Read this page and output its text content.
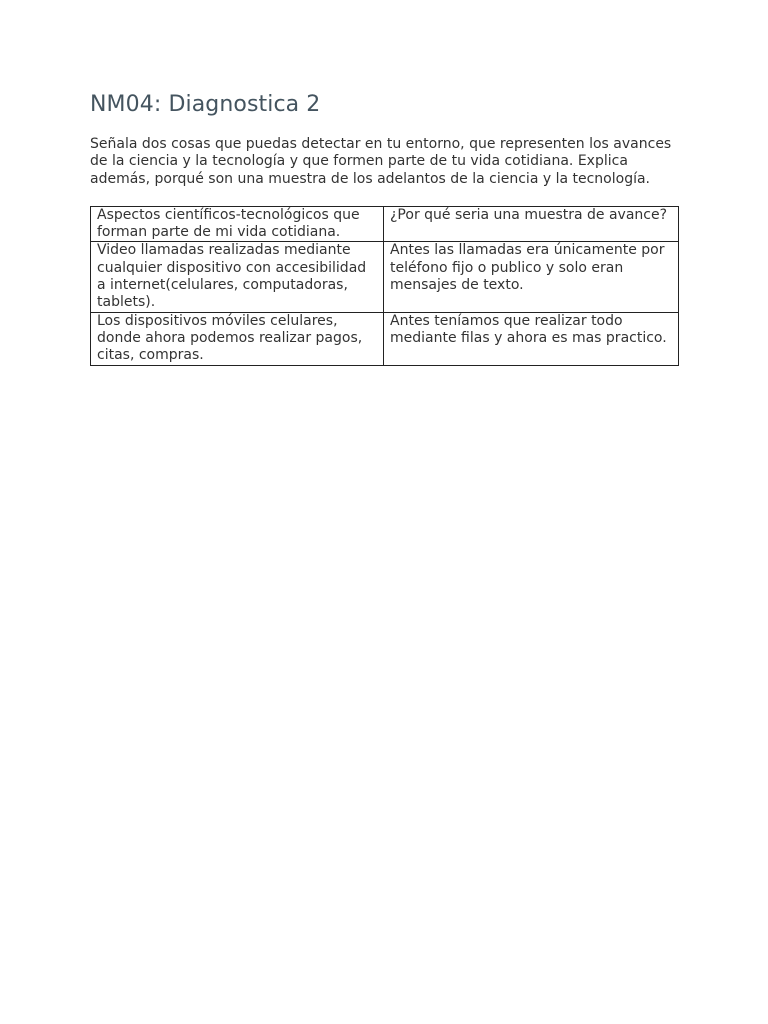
NM04: Diagnostica 2

Señala dos cosas que puedas detectar en tu entorno, que representen los avances de la ciencia y la tecnología y que formen parte de tu vida cotidiana. Explica además, porqué son una muestra de los adelantos de la ciencia y la tecnología.

Aspectos científicos-tecnológicos que forman parte de mi vida cotidiana.	¿Por qué seria una muestra de avance?
Video llamadas realizadas mediante cualquier dispositivo con accesibilidad a internet(celulares, computadoras, tablets).	Antes las llamadas era únicamente por teléfono fijo o publico y solo eran mensajes de texto.
Los dispositivos móviles celulares, donde ahora podemos realizar pagos, citas, compras.	Antes teníamos que realizar todo mediante filas y ahora es mas practico.
